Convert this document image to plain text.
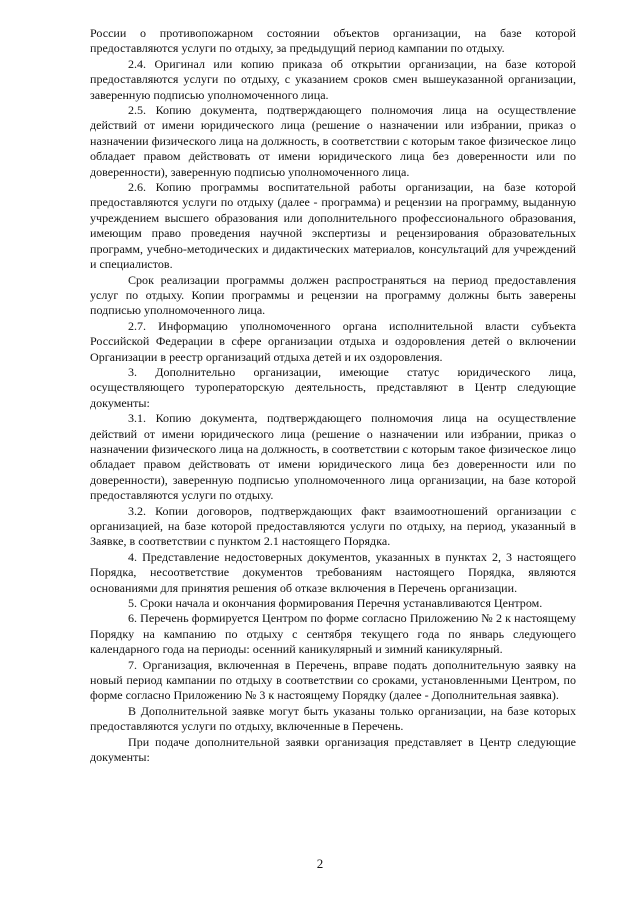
России о противопожарном состоянии объектов организации, на базе которой предоставляются услуги по отдыху, за предыдущий период кампании по отдыху.

2.4. Оригинал или копию приказа об открытии организации, на базе которой предоставляются услуги по отдыху, с указанием сроков смен вышеуказанной организации, заверенную подписью уполномоченного лица.

2.5. Копию документа, подтверждающего полномочия лица на осуществление действий от имени юридического лица (решение о назначении или избрании, приказ о назначении физического лица на должность, в соответствии с которым такое физическое лицо обладает правом действовать от имени юридического лица без доверенности или по доверенности), заверенную подписью уполномоченного лица.

2.6. Копию программы воспитательной работы организации, на базе которой предоставляются услуги по отдыху (далее - программа) и рецензии на программу, выданную учреждением высшего образования или дополнительного профессионального образования, имеющим право проведения научной экспертизы и рецензирования образовательных программ, учебно-методических и дидактических материалов, консультаций для учреждений и специалистов.

Срок реализации программы должен распространяться на период предоставления услуг по отдыху. Копии программы и рецензии на программу должны быть заверены подписью уполномоченного лица.

2.7. Информацию уполномоченного органа исполнительной власти субъекта Российской Федерации в сфере организации отдыха и оздоровления детей о включении Организации в реестр организаций отдыха детей и их оздоровления.

3. Дополнительно организации, имеющие статус юридического лица, осуществляющего туроператорскую деятельность, представляют в Центр следующие документы:

3.1. Копию документа, подтверждающего полномочия лица на осуществление действий от имени юридического лица (решение о назначении или избрании, приказ о назначении физического лица на должность, в соответствии с которым такое физическое лицо обладает правом действовать от имени юридического лица без доверенности или по доверенности), заверенную подписью уполномоченного лица организации, на базе которой предоставляются услуги по отдыху.

3.2. Копии договоров, подтверждающих факт взаимоотношений организации с организацией, на базе которой предоставляются услуги по отдыху, на период, указанный в Заявке, в соответствии с пунктом 2.1 настоящего Порядка.

4. Представление недостоверных документов, указанных в пунктах 2, 3 настоящего Порядка, несоответствие документов требованиям настоящего Порядка, являются основаниями для принятия решения об отказе включения в Перечень организации.

5. Сроки начала и окончания формирования Перечня устанавливаются Центром.

6. Перечень формируется Центром по форме согласно Приложению № 2 к настоящему Порядку на кампанию по отдыху с сентября текущего года по январь следующего календарного года на периоды: осенний каникулярный и зимний каникулярный.

7. Организация, включенная в Перечень, вправе подать дополнительную заявку на новый период кампании по отдыху в соответствии со сроками, установленными Центром, по форме согласно Приложению № 3 к настоящему Порядку (далее - Дополнительная заявка).

В Дополнительной заявке могут быть указаны только организации, на базе которых предоставляются услуги по отдыху, включенные в Перечень.

При подаче дополнительной заявки организация представляет в Центр следующие документы:

2
